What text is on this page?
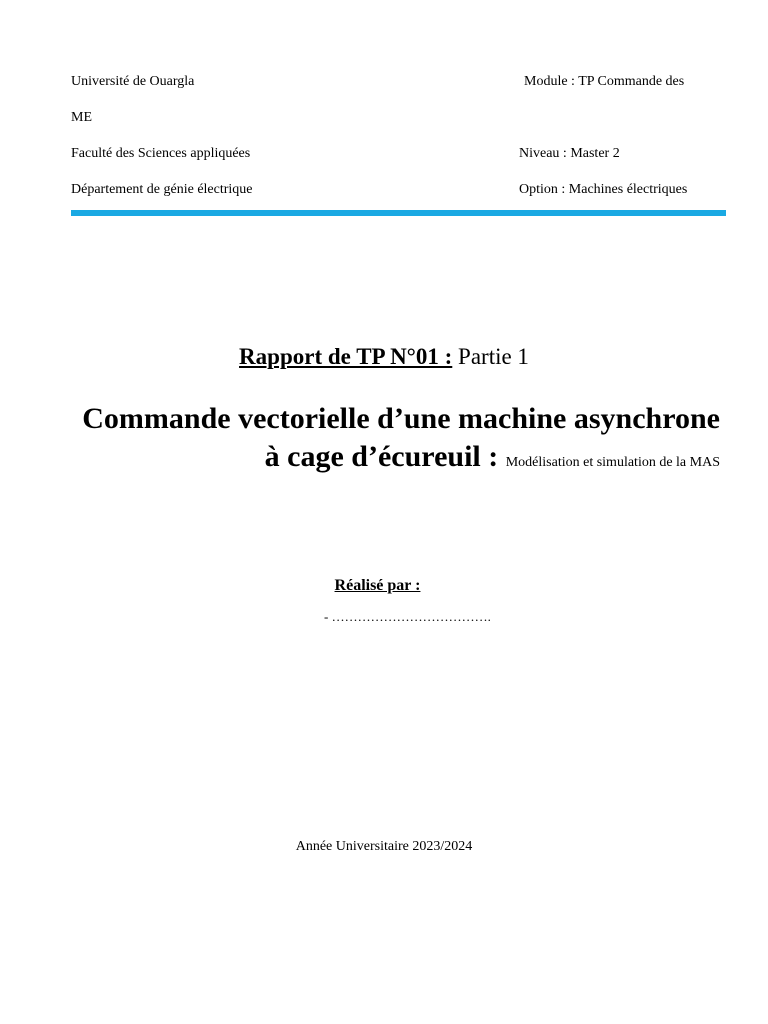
Université de Ouargla	Module : TP Commande des
ME
Faculté des Sciences appliquées	Niveau : Master 2
Département de génie électrique	Option : Machines électriques
Rapport de TP N°01 : Partie 1
Commande vectorielle d’une machine asynchrone
à cage d’écureuil : Modélisation et simulation de la MAS
Réalisé par :
- ……………………………….
Année Universitaire 2023/2024
